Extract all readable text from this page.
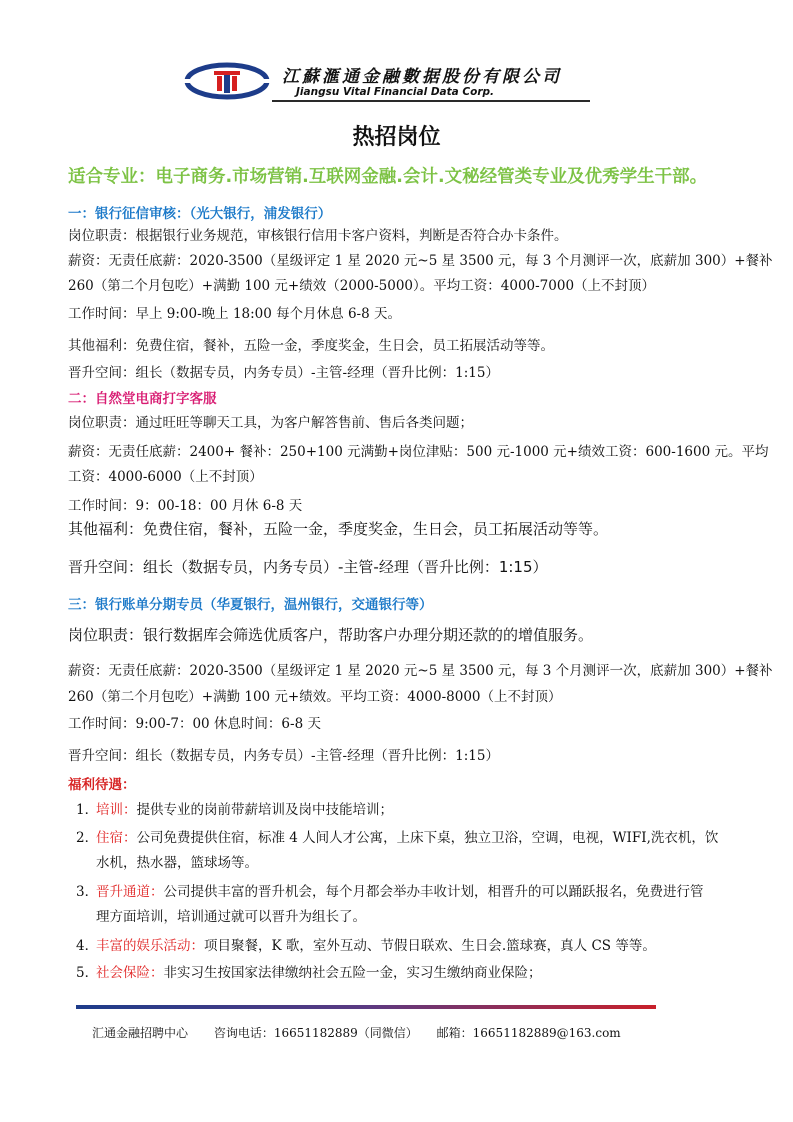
江蘇滙通金融數据股份有限公司
Jiangsu Vital Financial Data Corp.
热招岗位
适合专业：电子商务.市场营销.互联网金融.会计.文秘经管类专业及优秀学生干部。
一：银行征信审核：（光大银行，浦发银行）
岗位职责：根据银行业务规范，审核银行信用卡客户资料，判断是否符合办卡条件。
薪资：无责任底薪：2020-3500（星级评定 1 星 2020 元~5 星 3500 元，每 3 个月测评一次，底薪加 300）+餐补
260（第二个月包吃）+满勤 100 元+绩效（2000-5000）。平均工资：4000-7000（上不封顶）
工作时间：早上 9:00-晚上 18:00 每个月休息 6-8 天。
其他福利：免费住宿，餐补，五险一金，季度奖金，生日会，员工拓展活动等等。
晋升空间：组长（数据专员，内务专员）-主管-经理（晋升比例：1:15）
二：自然堂电商打字客服
岗位职责：通过旺旺等聊天工具，为客户解答售前、售后各类问题；
薪资：无责任底薪：2400+ 餐补：250+100 元满勤+岗位津贴：500 元-1000 元+绩效工资：600-1600 元。平均
工资：4000-6000（上不封顶）
工作时间：9：00-18：00 月休 6-8 天
其他福利：免费住宿，餐补，五险一金，季度奖金，生日会，员工拓展活动等等。
晋升空间：组长（数据专员，内务专员）-主管-经理（晋升比例：1:15）
三：银行账单分期专员（华夏银行，温州银行，交通银行等）
岗位职责：银行数据库会筛选优质客户，帮助客户办理分期还款的的增值服务。
薪资：无责任底薪：2020-3500（星级评定 1 星 2020 元~5 星 3500 元，每 3 个月测评一次，底薪加 300）+餐补
260（第二个月包吃）+满勤 100 元+绩效。平均工资：4000-8000（上不封顶）
工作时间：9:00-7：00 休息时间：6-8 天
晋升空间：组长（数据专员，内务专员）-主管-经理（晋升比例：1:15）
福利待遇：
1．培训：提供专业的岗前带薪培训及岗中技能培训；
2．住宿：公司免费提供住宿，标准 4 人间人才公寓，上床下桌，独立卫浴，空调，电视，WIFI,洗衣机，饮
水机，热水器，篮球场等。
3．晋升通道：公司提供丰富的晋升机会，每个月都会举办丰收计划，相晋升的可以踊跃报名，免费进行管
理方面培训，培训通过就可以晋升为组长了。
4．丰富的娱乐活动：项目聚餐，K 歌，室外互动、节假日联欢、生日会.篮球赛，真人 CS 等等。
5．社会保险：非实习生按国家法律缴纳社会五险一金，实习生缴纳商业保险；
汇通金融招聘中心 咨询电话：16651182889（同微信） 邮箱：16651182889@163.com
